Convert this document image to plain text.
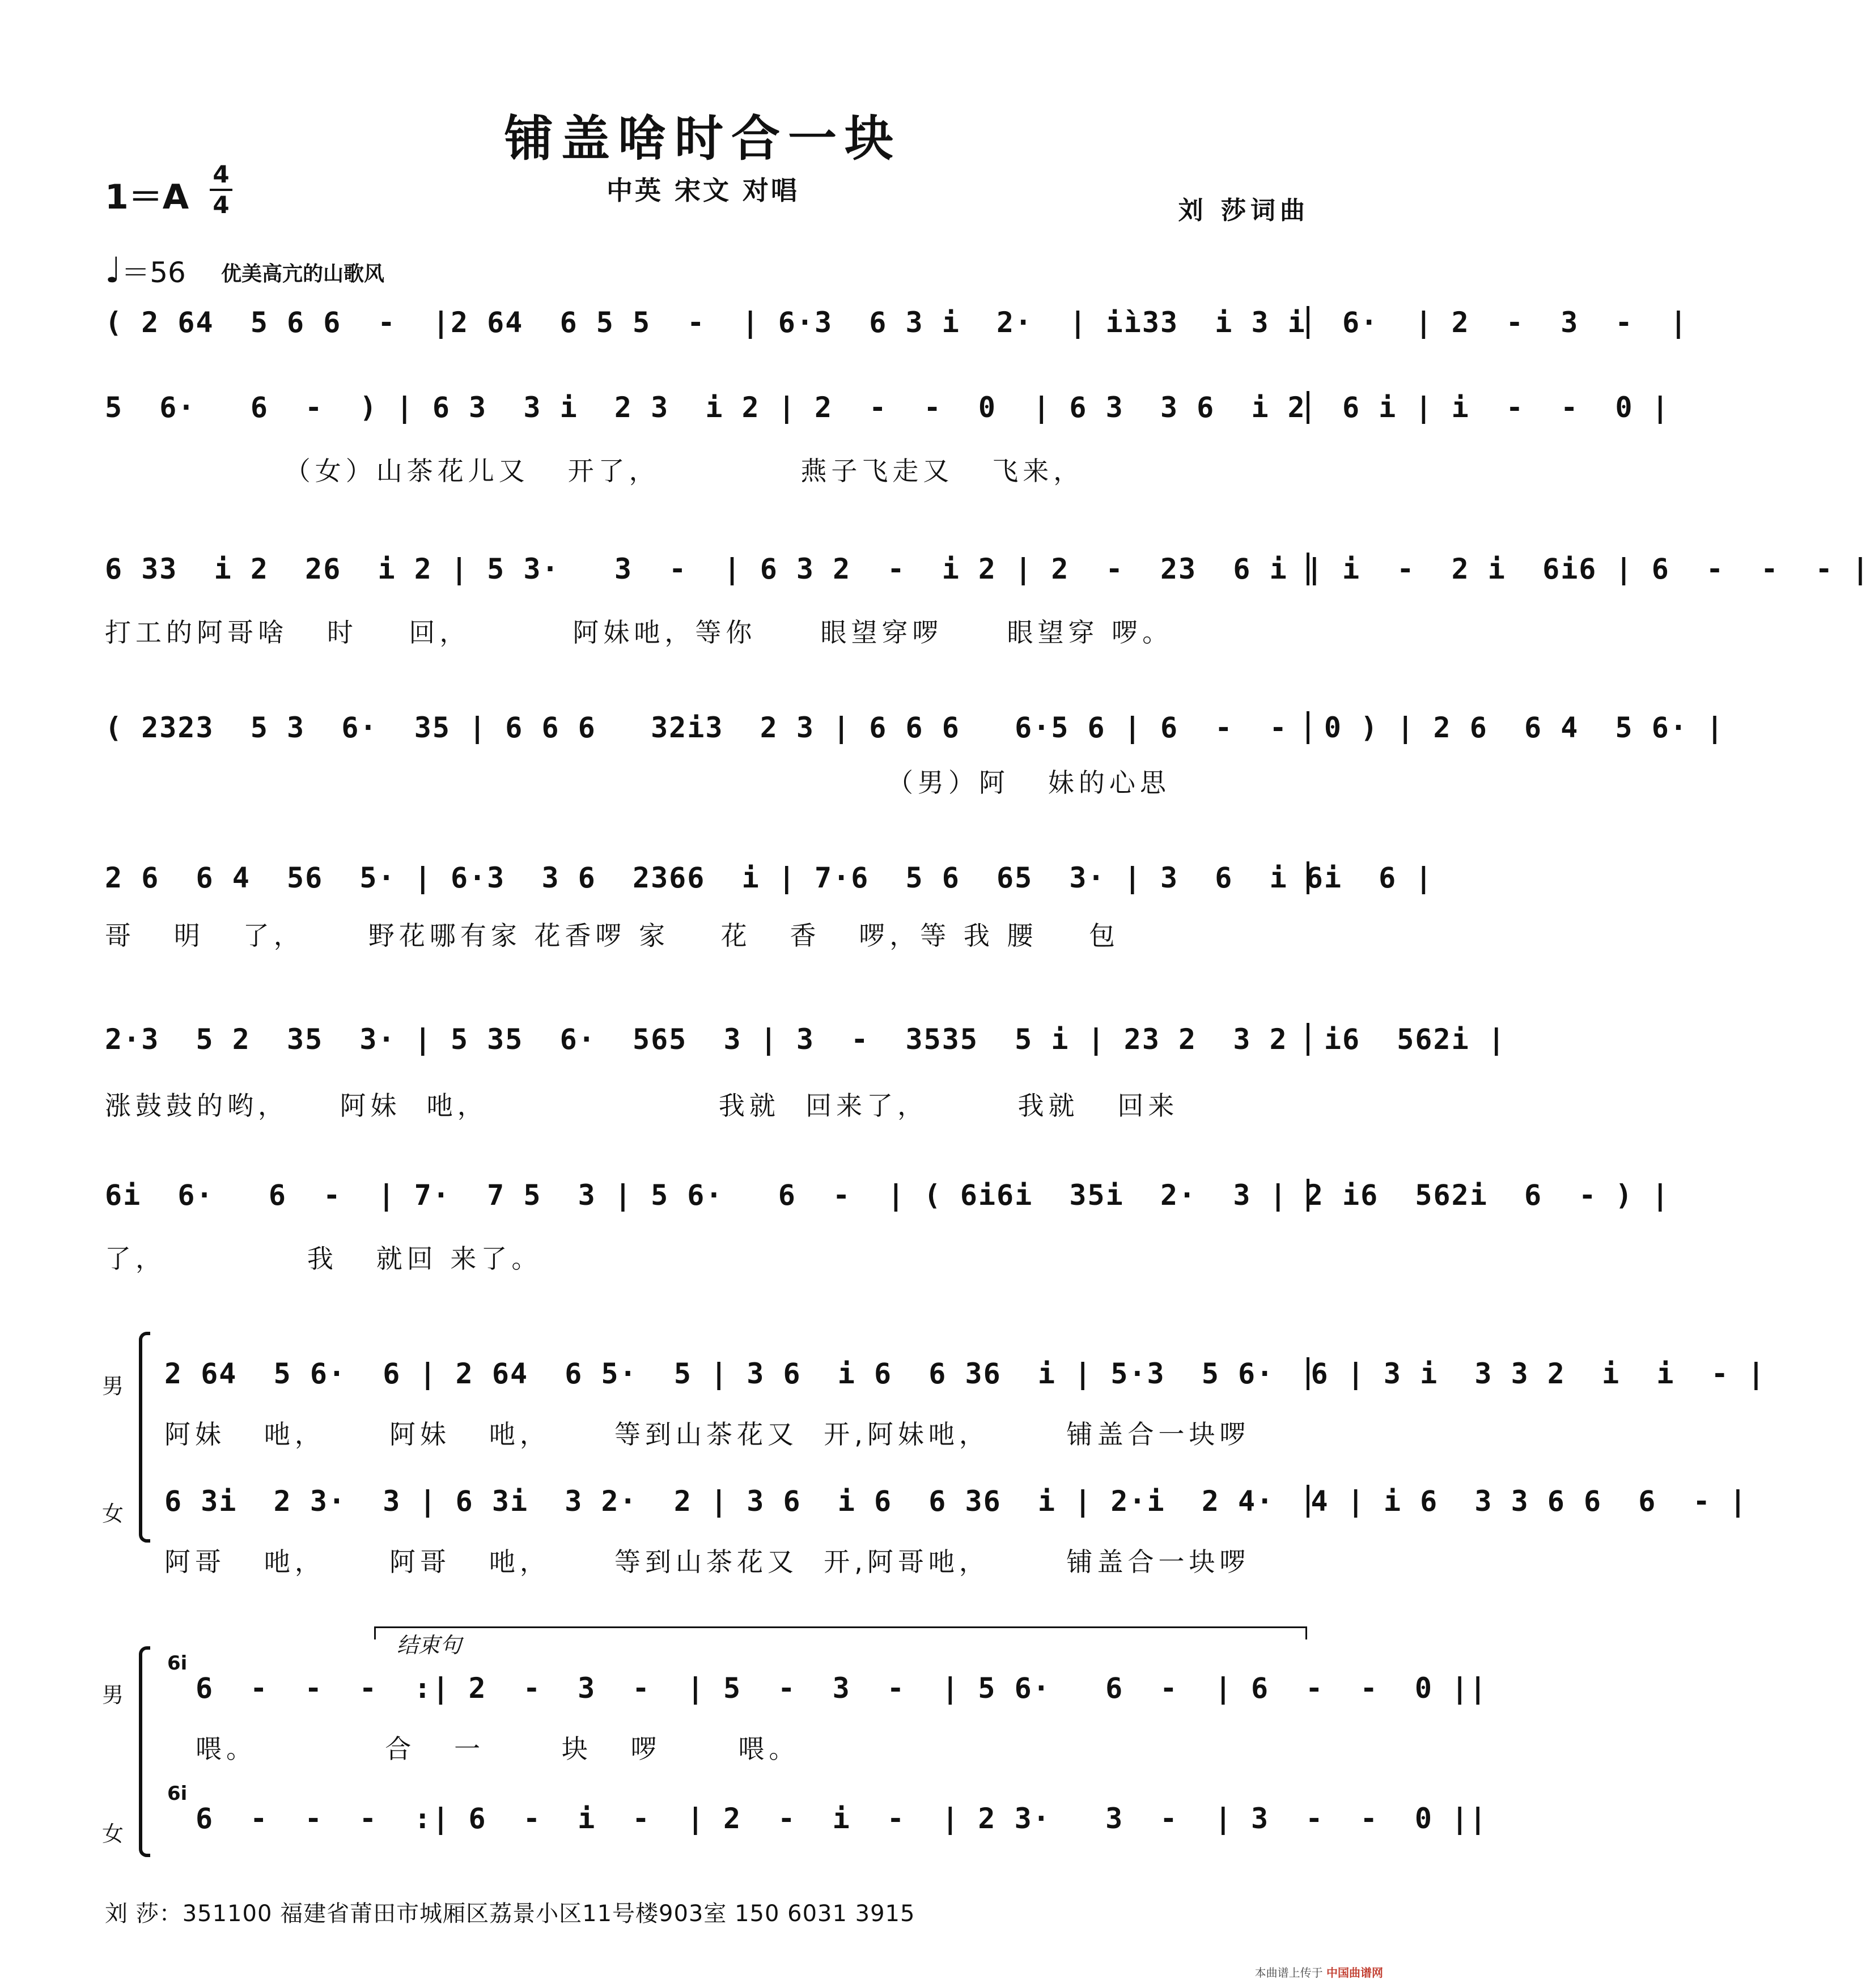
铺盖啥时合一块
中英 宋文 对唱
1＝A
4
4	刘 莎词曲
♩＝56 优美高亢的山歌风
( 2 64  5 6 6  -  |2 64  6 5 5  -  | 6·3  6 3 i  2·  | iì33  i 3 i  6·  | 2  -  3  -  |
5  6·   6  -  ) | 6 3  3 i  2 3  i 2 | 2  -  -  0  | 6 3  3 6  i 2  6 i | i  -  -  0 |
（女）山茶花儿又   开了，           燕子飞走又   飞来，
6 33  i 2  26  i 2 | 5 3·   3  -  | 6 3 2  -  i 2 | 2  -  23  6 i | i  -  2 i  6i6 | 6  -  -  - |
打工的阿哥啥   时    回，        阿妹吔，等你     眼望穿啰     眼望穿 啰。
( 2323  5 3  6·  35 | 6 6 6   32i3  2 3 | 6 6 6   6·5 6 | 6  -  -  0 ) | 2 6  6 4  5 6· |
（男）阿   妹的心思
2 6  6 4  56  5· | 6·3  3 6  2366  i | 7·6  5 6  65  3· | 3  6  i 6i  6 |
哥   明   了，     野花哪有家 花香啰 家    花   香   啰，等 我 腰    包
2·3  5 2  35  3· | 5 35  6·  565  3 | 3  -  3535  5 i | 23 2  3 2  i6  562i |
涨鼓鼓的哟，    阿妹  吔，                  我就  回来了，       我就   回来
6i  6·   6  -  | 7·  7 5  3 | 5 6·   6  -  | ( 6i6i  35i  2·  3 | 2 i6  562i  6  - ) |
了，           我   就回 来了。
男
女
2 64  5 6·  6 | 2 64  6 5·  5 | 3 6  i 6  6 36  i | 5·3  5 6·  6 | 3 i  3 3 2  i  i  - |
阿妹   吔，     阿妹   吔，     等到山茶花又  开,阿妹吔，      铺盖合一块啰
6 3i  2 3·  3 | 6 3i  3 2·  2 | 3 6  i 6  6 36  i | 2·i  2 4·  4 | i 6  3 3 6 6  6  - |
阿哥   吔，     阿哥   吔，     等到山茶花又  开,阿哥吔，      铺盖合一块啰
男
女
结束句
6i
6  -  -  -  :| 2  -  3  -  | 5  -  3  -  | 5 6·   6  -  | 6  -  -  0 ||
喂。          合   一      块   啰      喂。
6i
6  -  -  -  :| 6  -  i  -  | 2  -  i  -  | 2 3·   3  -  | 3  -  -  0 ||
刘 莎：351100 福建省莆田市城厢区荔景小区11号楼903室 150 6031 3915
本曲谱上传于 中国曲谱网
